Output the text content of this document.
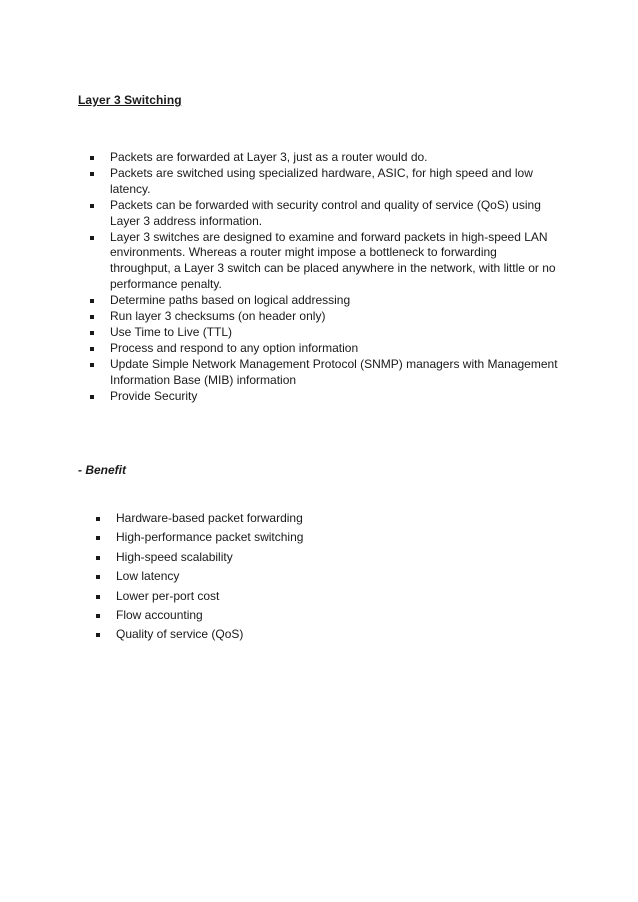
Layer 3 Switching
Packets are forwarded at Layer 3, just as a router would do.
Packets are switched using specialized hardware, ASIC, for high speed and low latency.
Packets can be forwarded with security control and quality of service (QoS) using Layer 3 address information.
Layer 3 switches are designed to examine and forward packets in high-speed LAN environments. Whereas a router might impose a bottleneck to forwarding throughput, a Layer 3 switch can be placed anywhere in the network, with little or no performance penalty.
Determine paths based on logical addressing
Run layer 3 checksums (on header only)
Use Time to Live (TTL)
Process and respond to any option information
Update Simple Network Management Protocol (SNMP) managers with Management Information Base (MIB) information
Provide Security
- Benefit
Hardware-based packet forwarding
High-performance packet switching
High-speed scalability
Low latency
Lower per-port cost
Flow accounting
Quality of service (QoS)
